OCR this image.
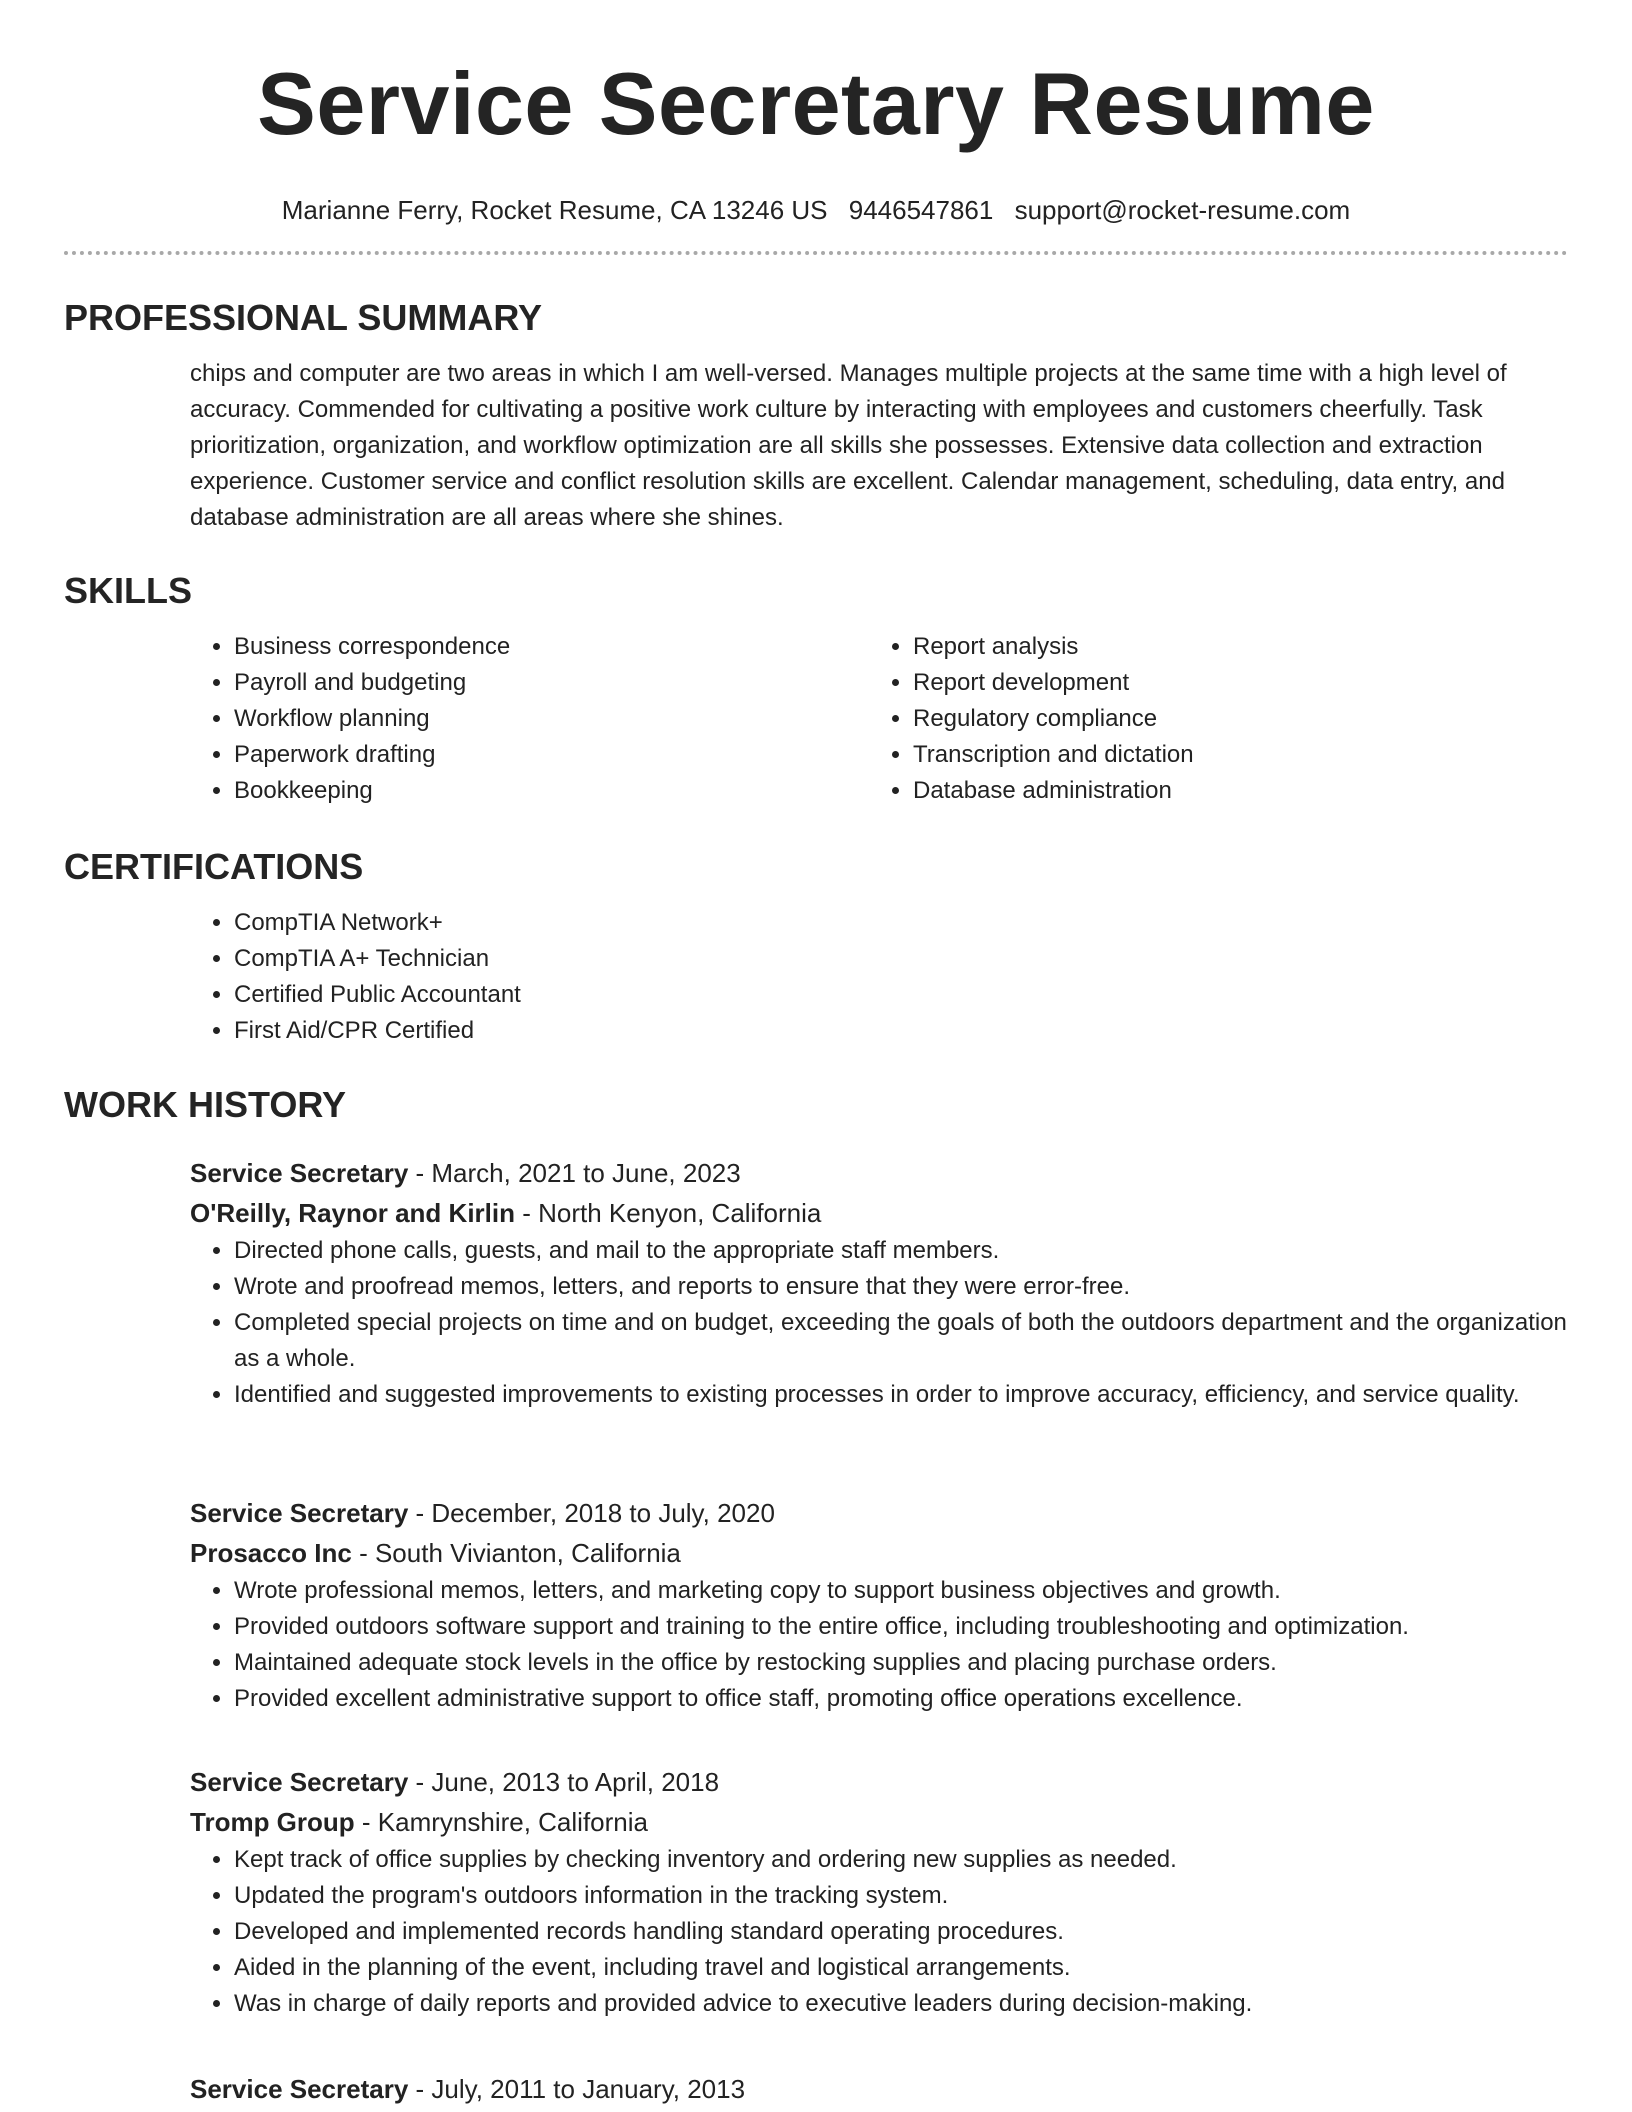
Service Secretary Resume
Marianne Ferry, Rocket Resume, CA 13246 US 9446547861 support@rocket-resume.com
PROFESSIONAL SUMMARY

chips and computer are two areas in which I am well-versed. Manages multiple projects at the same time with a high level of accuracy. Commended for cultivating a positive work culture by interacting with employees and customers cheerfully. Task prioritization, organization, and workflow optimization are all skills she possesses. Extensive data collection and extraction experience. Customer service and conflict resolution skills are excellent. Calendar management, scheduling, data entry, and database administration are all areas where she shines.

SKILLS
• Business correspondence
• Payroll and budgeting
• Workflow planning
• Paperwork drafting
• Bookkeeping
• Report analysis
• Report development
• Regulatory compliance
• Transcription and dictation
• Database administration
CERTIFICATIONS
• CompTIA Network+
• CompTIA A+ Technician
• Certified Public Accountant
• First Aid/CPR Certified
WORK HISTORY
Service Secretary - March, 2021 to June, 2023
O'Reilly, Raynor and Kirlin - North Kenyon, California
• Directed phone calls, guests, and mail to the appropriate staff members.
• Wrote and proofread memos, letters, and reports to ensure that they were error-free.
• Completed special projects on time and on budget, exceeding the goals of both the outdoors department and the organization as a whole.
• Identified and suggested improvements to existing processes in order to improve accuracy, efficiency, and service quality.
Service Secretary - December, 2018 to July, 2020
Prosacco Inc - South Vivianton, California
• Wrote professional memos, letters, and marketing copy to support business objectives and growth.
• Provided outdoors software support and training to the entire office, including troubleshooting and optimization.
• Maintained adequate stock levels in the office by restocking supplies and placing purchase orders.
• Provided excellent administrative support to office staff, promoting office operations excellence.
Service Secretary - June, 2013 to April, 2018
Tromp Group - Kamrynshire, California
• Kept track of office supplies by checking inventory and ordering new supplies as needed.
• Updated the program's outdoors information in the tracking system.
• Developed and implemented records handling standard operating procedures.
• Aided in the planning of the event, including travel and logistical arrangements.
• Was in charge of daily reports and provided advice to executive leaders during decision-making.
Service Secretary - July, 2011 to January, 2013
